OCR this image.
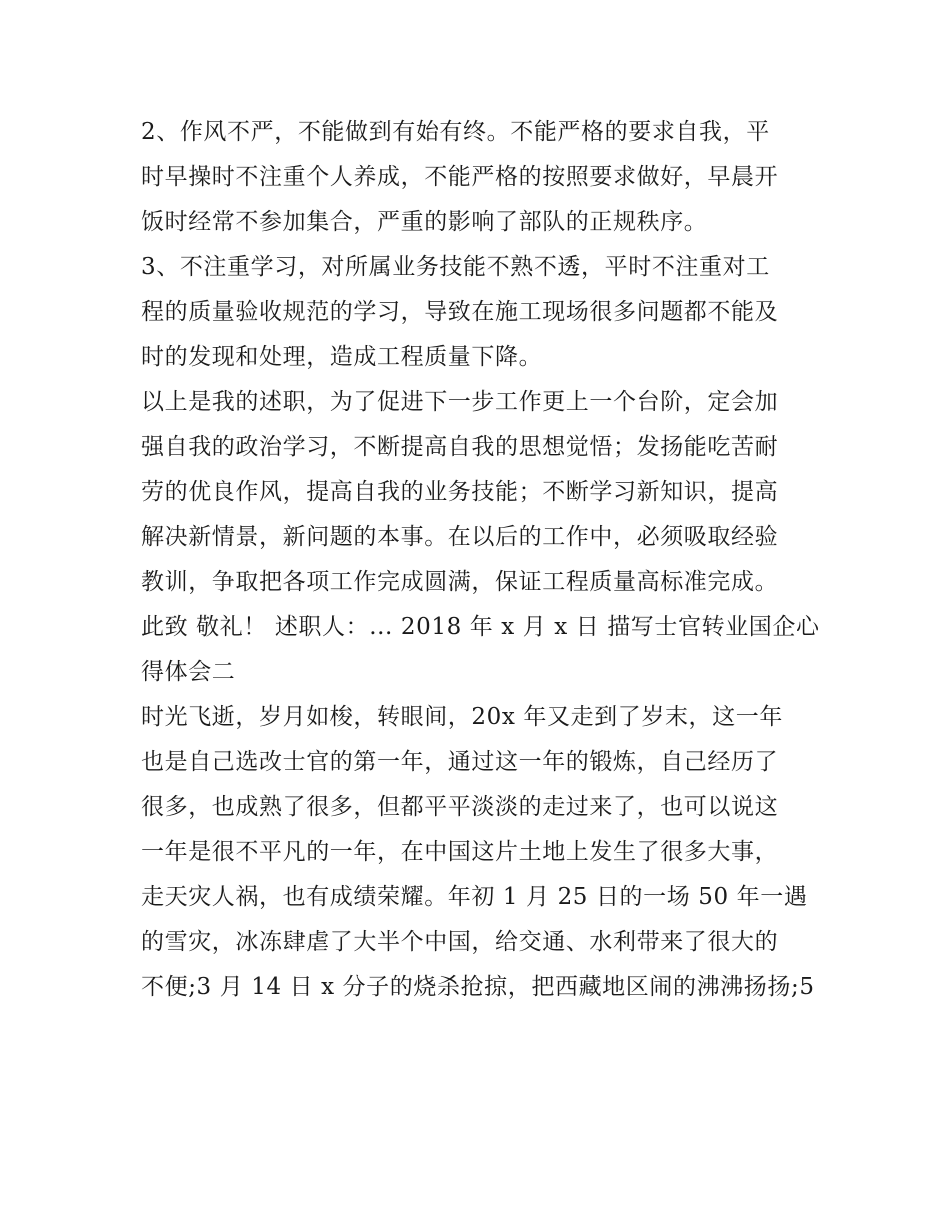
2、作风不严，不能做到有始有终。不能严格的要求自我，平
时早操时不注重个人养成，不能严格的按照要求做好，早晨开
饭时经常不参加集合，严重的影响了部队的正规秩序。
3、不注重学习，对所属业务技能不熟不透，平时不注重对工
程的质量验收规范的学习，导致在施工现场很多问题都不能及
时的发现和处理，造成工程质量下降。
以上是我的述职，为了促进下一步工作更上一个台阶，定会加
强自我的政治学习，不断提高自我的思想觉悟；发扬能吃苦耐
劳的优良作风，提高自我的业务技能；不断学习新知识，提高
解决新情景，新问题的本事。在以后的工作中，必须吸取经验
教训，争取把各项工作完成圆满，保证工程质量高标准完成。
此致 敬礼！ 述职人：... 2018 年 x 月 x 日 描写士官转业国企心
得体会二
时光飞逝，岁月如梭，转眼间，20x 年又走到了岁末，这一年
也是自己选改士官的第一年，通过这一年的锻炼，自己经历了
很多，也成熟了很多，但都平平淡淡的走过来了，也可以说这
一年是很不平凡的一年，在中国这片土地上发生了很多大事，
走天灾人祸，也有成绩荣耀。年初 1 月 25 日的一场 50 年一遇
的雪灾，冰冻肆虐了大半个中国，给交通、水利带来了很大的
不便;3 月 14 日 x 分子的烧杀抢掠，把西藏地区闹的沸沸扬扬;5
